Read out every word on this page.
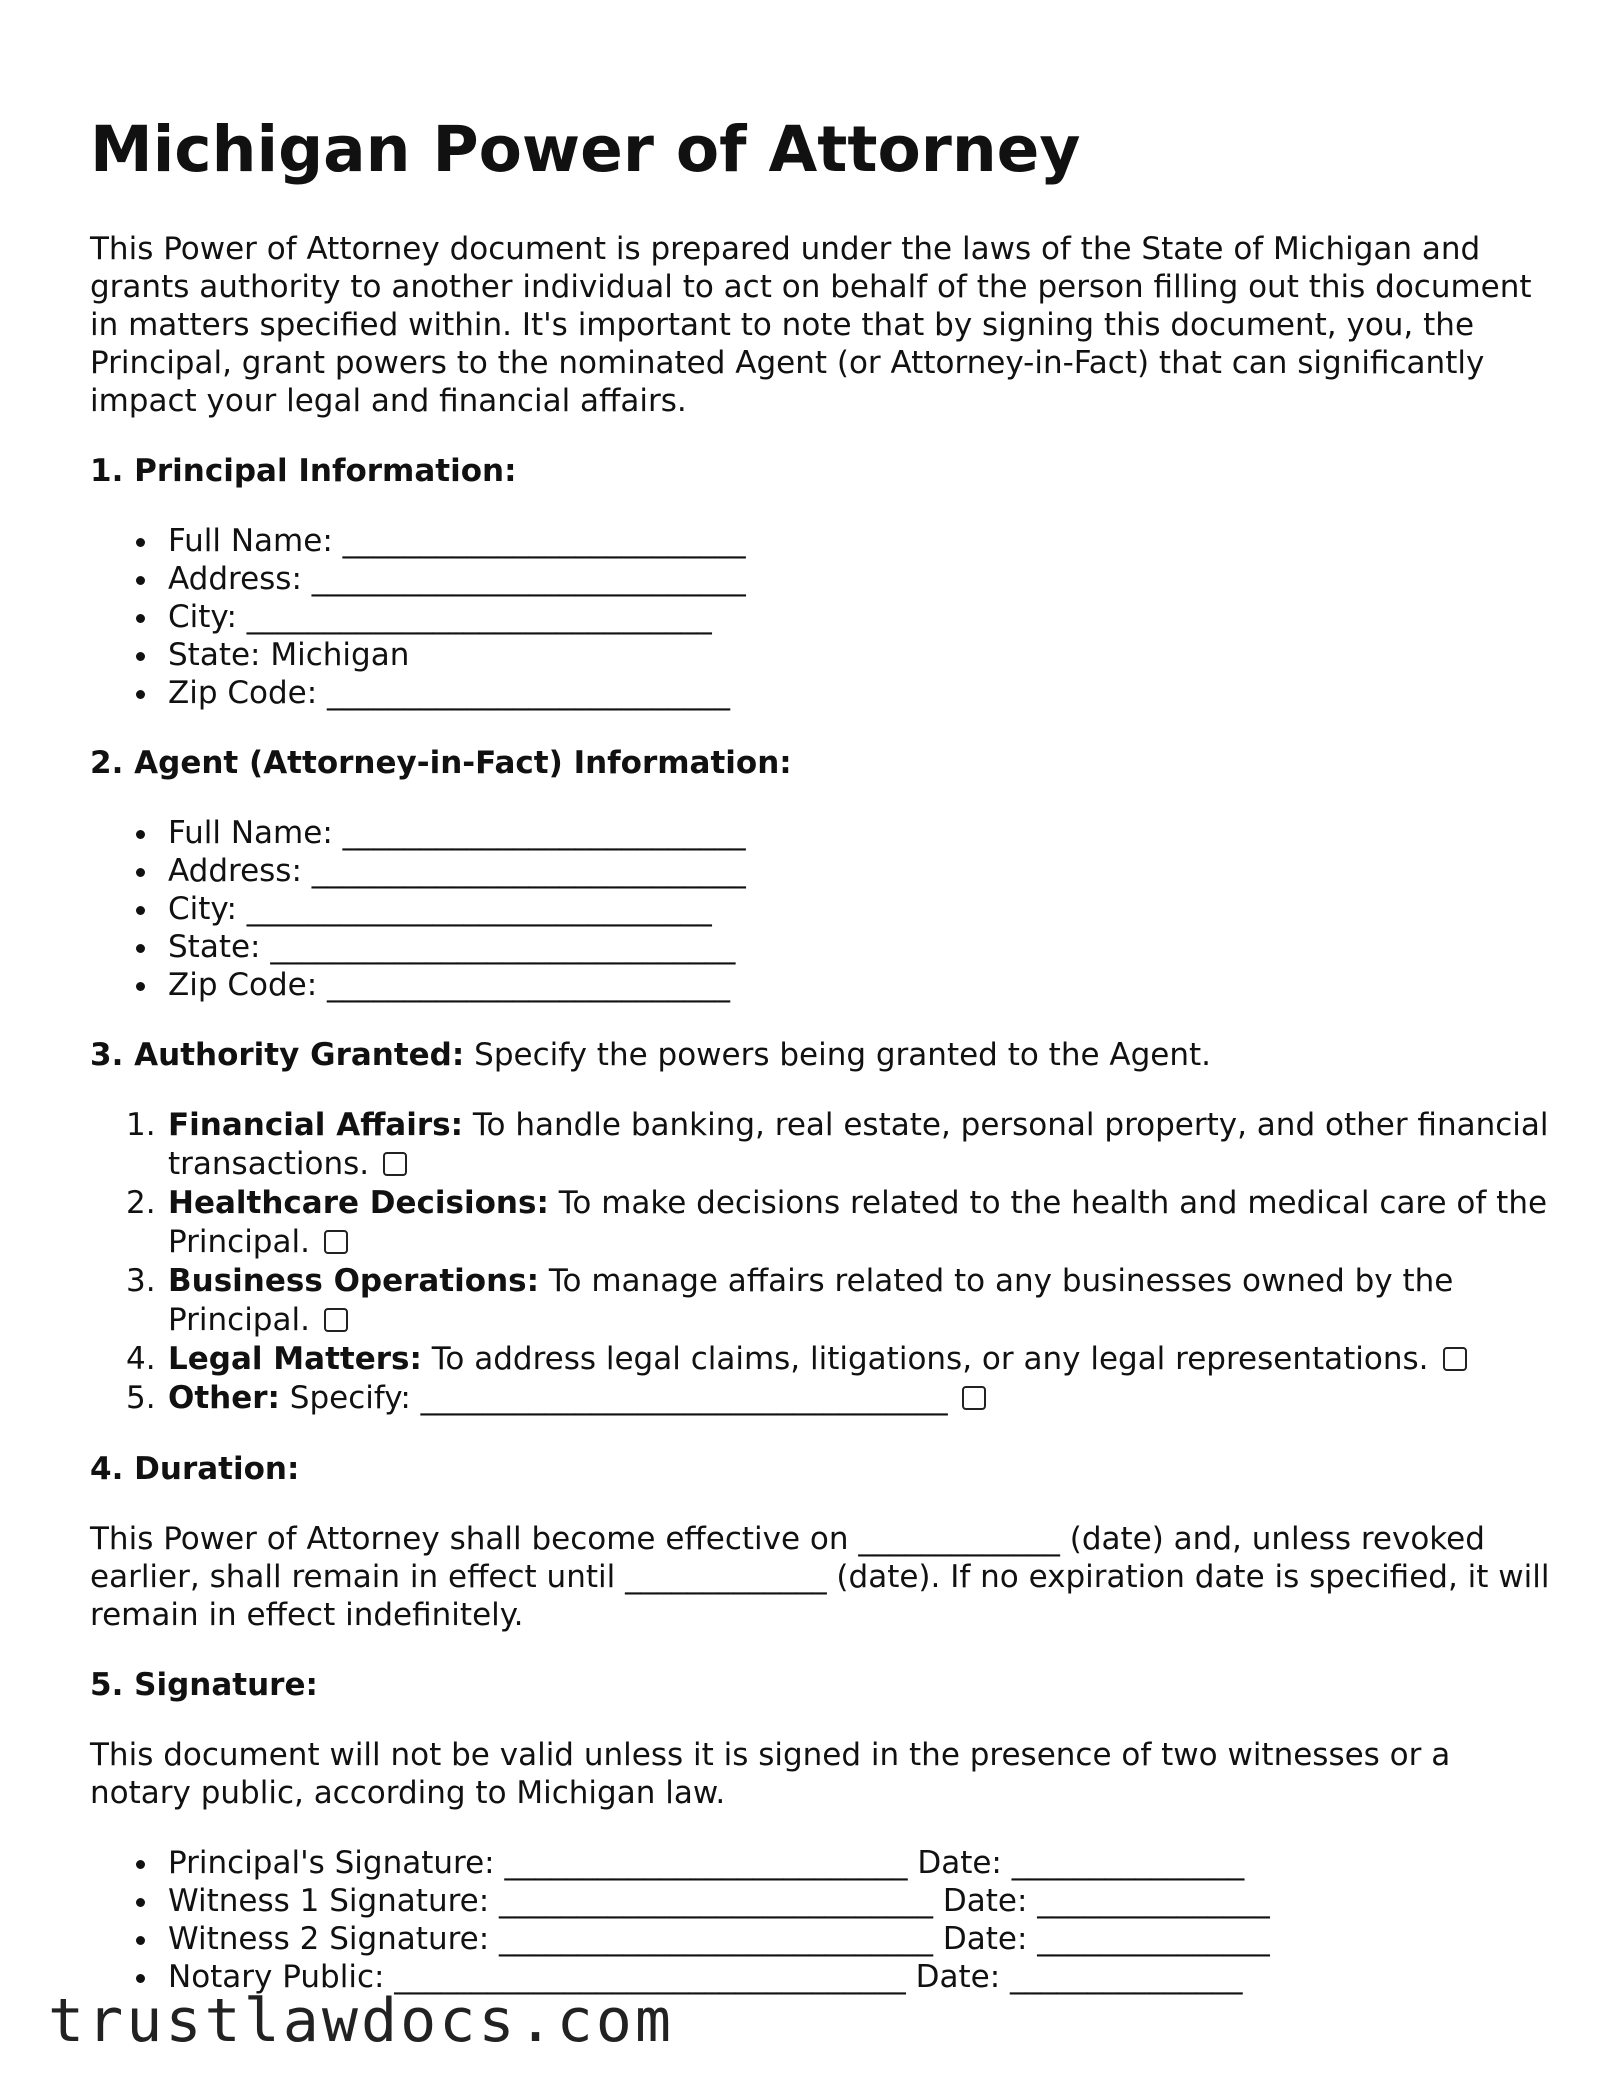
Michigan Power of Attorney

This Power of Attorney document is prepared under the laws of the State of Michigan and grants authority to another individual to act on behalf of the person filling out this document in matters specified within. It's important to note that by signing this document, you, the Principal, grant powers to the nominated Agent (or Attorney-in-Fact) that can significantly impact your legal and financial affairs.

1. Principal Information:
Full Name: __________________________
Address: ____________________________
City: ______________________________
State: Michigan
Zip Code: __________________________
2. Agent (Attorney-in-Fact) Information:
Full Name: __________________________
Address: ____________________________
City: ______________________________
State: ______________________________
Zip Code: __________________________
3. Authority Granted: Specify the powers being granted to the Agent.
1. Financial Affairs: To handle banking, real estate, personal property, and other financial transactions.
2. Healthcare Decisions: To make decisions related to the health and medical care of the Principal.
3. Business Operations: To manage affairs related to any businesses owned by the Principal.
4. Legal Matters: To address legal claims, litigations, or any legal representations.
5. Other: Specify: __________________________________
4. Duration:

This Power of Attorney shall become effective on _____________ (date) and, unless revoked earlier, shall remain in effect until _____________ (date). If no expiration date is specified, it will remain in effect indefinitely.

5. Signature:

This document will not be valid unless it is signed in the presence of two witnesses or a notary public, according to Michigan law.

Principal's Signature: __________________________ Date: _______________
Witness 1 Signature: ____________________________ Date: _______________
Witness 2 Signature: ____________________________ Date: _______________
Notary Public: _________________________________ Date: _______________
trustlawdocs.com
